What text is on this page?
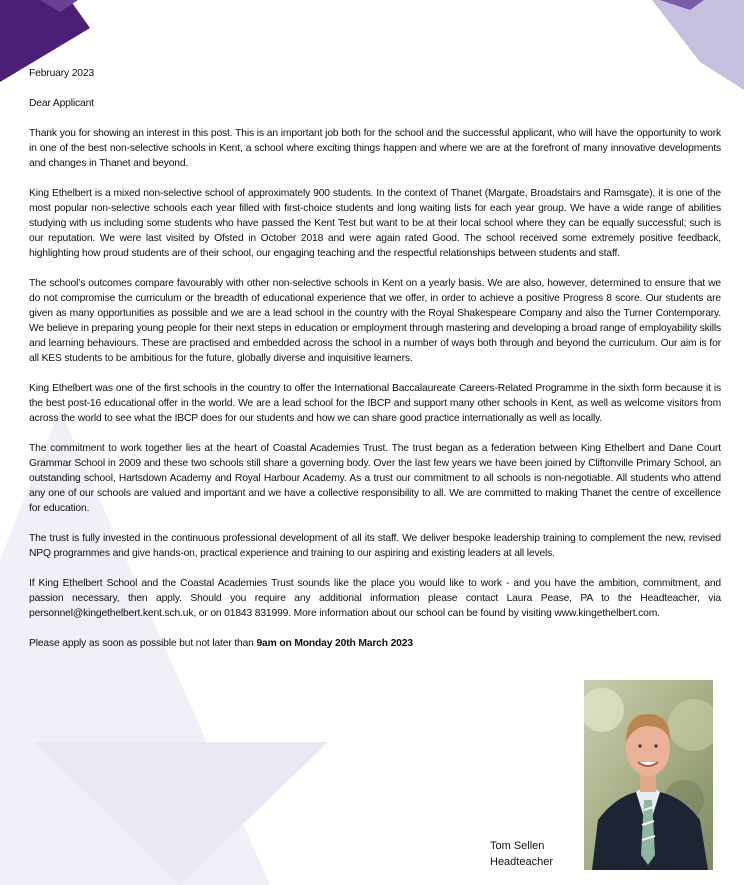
February 2023

Dear Applicant

Thank you for showing an interest in this post. This is an important job both for the school and the successful applicant, who will have the opportunity to work in one of the best non-selective schools in Kent, a school where exciting things happen and where we are at the forefront of many innovative developments and changes in Thanet and beyond.

King Ethelbert is a mixed non-selective school of approximately 900 students. In the context of Thanet (Margate, Broadstairs and Ramsgate), it is one of the most popular non-selective schools each year filled with first-choice students and long waiting lists for each year group. We have a wide range of abilities studying with us including some students who have passed the Kent Test but want to be at their local school where they can be equally successful; such is our reputation. We were last visited by Ofsted in October 2018 and were again rated Good. The school received some extremely positive feedback, highlighting how proud students are of their school, our engaging teaching and the respectful relationships between students and staff.

The school’s outcomes compare favourably with other non-selective schools in Kent on a yearly basis. We are also, however, determined to ensure that we do not compromise the curriculum or the breadth of educational experience that we offer, in order to achieve a positive Progress 8 score. Our students are given as many opportunities as possible and we are a lead school in the country with the Royal Shakespeare Company and also the Turner Contemporary. We believe in preparing young people for their next steps in education or employment through mastering and developing a broad range of employability skills and learning behaviours. These are practised and embedded across the school in a number of ways both through and beyond the curriculum. Our aim is for all KES students to be ambitious for the future, globally diverse and inquisitive learners.

King Ethelbert was one of the first schools in the country to offer the International Baccalaureate Careers-Related Programme in the sixth form because it is the best post-16 educational offer in the world. We are a lead school for the IBCP and support many other schools in Kent, as well as welcome visitors from across the world to see what the IBCP does for our students and how we can share good practice internationally as well as locally.

The commitment to work together lies at the heart of Coastal Academies Trust. The trust began as a federation between King Ethelbert and Dane Court Grammar School in 2009 and these two schools still share a governing body. Over the last few years we have been joined by Cliftonville Primary School, an outstanding school, Hartsdown Academy and Royal Harbour Academy. As a trust our commitment to all schools is non-negotiable. All students who attend any one of our schools are valued and important and we have a collective responsibility to all. We are committed to making Thanet the centre of excellence for education.

The trust is fully invested in the continuous professional development of all its staff. We deliver bespoke leadership training to complement the new, revised NPQ programmes and give hands-on, practical experience and training to our aspiring and existing leaders at all levels.

If King Ethelbert School and the Coastal Academies Trust sounds like the place you would like to work - and you have the ambition, commitment, and passion necessary, then apply. Should you require any additional information please contact Laura Pease, PA to the Headteacher, via personnel@kingethelbert.kent.sch.uk, or on 01843 831999. More information about our school can be found by visiting www.kingethelbert.com.

Please apply as soon as possible but not later than 9am on Monday 20th March 2023

Tom Sellen
Headteacher
